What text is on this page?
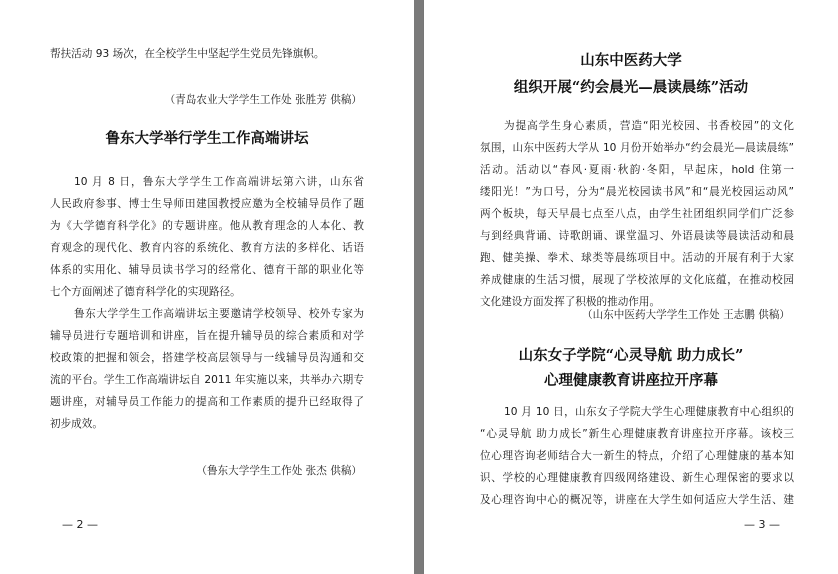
帮扶活动 93 场次，在全校学生中坚起学生党员先锋旗帜。
（青岛农业大学学生工作处 张胜芳 供稿）
鲁东大学举行学生工作高端讲坛
10 月 8 日，鲁东大学学生工作高端讲坛第六讲，山东省
人民政府参事、博士生导师田建国教授应邀为全校辅导员作了题
为《大学德育科学化》的专题讲座。他从教育理念的人本化、教
育观念的现代化、教育内容的系统化、教育方法的多样化、话语
体系的实用化、辅导员读书学习的经常化、德育干部的职业化等
七个方面阐述了德育科学化的实现路径。
鲁东大学学生工作高端讲坛主要邀请学校领导、校外专家为
辅导员进行专题培训和讲座，旨在提升辅导员的综合素质和对学
校政策的把握和领会，搭建学校高层领导与一线辅导员沟通和交
流的平台。学生工作高端讲坛自 2011 年实施以来，共举办六期专
题讲座，对辅导员工作能力的提高和工作素质的提升已经取得了
初步成效。
（鲁东大学学生工作处 张杰 供稿）
— 2 —
山东中医药大学
组织开展“约会晨光—晨读晨练”活动
为提高学生身心素质，营造“阳光校园、书香校园”的文化
氛围，山东中医药大学从 10 月份开始举办“约会晨光—晨读晨练”
活动。活动以“春风·夏雨·秋韵·冬阳，早起床，hold 住第一
缕阳光！”为口号，分为“晨光校园读书风”和“晨光校园运动风”
两个板块，每天早晨七点至八点，由学生社团组织同学们广泛参
与到经典背诵、诗歌朗诵、课堂温习、外语晨读等晨读活动和晨
跑、健美操、拳术、球类等晨练项目中。活动的开展有利于大家
养成健康的生活习惯，展现了学校浓厚的文化底蕴，在推动校园
文化建设方面发挥了积极的推动作用。
（山东中医药大学学生工作处 王志鹏 供稿）
山东女子学院“心灵导航 助力成长”
心理健康教育讲座拉开序幕
10 月 10 日，山东女子学院大学生心理健康教育中心组织的
“心灵导航 助力成长”新生心理健康教育讲座拉开序幕。该校三
位心理咨询老师结合大一新生的特点，介绍了心理健康的基本知
识、学校的心理健康教育四级网络建设、新生心理保密的要求以
及心理咨询中心的概况等，讲座在大学生如何适应大学生活、建
— 3 —
